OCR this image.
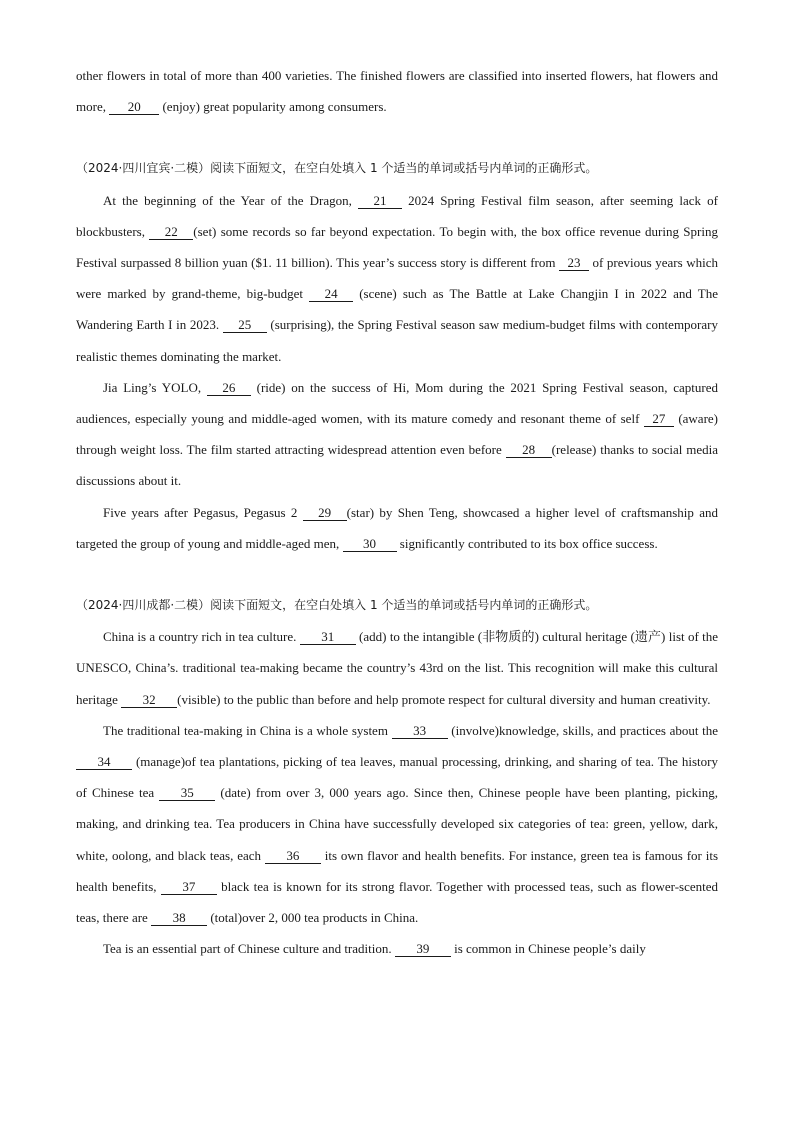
other flowers in total of more than 400 varieties. The finished flowers are classified into inserted flowers, hat flowers and more, 20 (enjoy) great popularity among consumers.

（2024·四川宜宾·二模）阅读下面短文，在空白处填入 1 个适当的单词或括号内单词的正确形式。

At the beginning of the Year of the Dragon, 21 2024 Spring Festival film season, after seeming lack of blockbusters, 22 (set) some records so far beyond expectation. To begin with, the box office revenue during Spring Festival surpassed 8 billion yuan ($1. 11 billion). This year’s success story is different from 23 of previous years which were marked by grand-theme, big-budget 24 (scene) such as The Battle at Lake Changjin I in 2022 and The Wandering Earth I in 2023. 25 (surprising), the Spring Festival season saw medium-budget films with contemporary realistic themes dominating the market.

Jia Ling’s YOLO, 26 (ride) on the success of Hi, Mom during the 2021 Spring Festival season, captured audiences, especially young and middle-aged women, with its mature comedy and resonant theme of self 27 (aware) through weight loss. The film started attracting widespread attention even before 28 (release) thanks to social media discussions about it.

Five years after Pegasus, Pegasus 2 29 (star) by Shen Teng, showcased a higher level of craftsmanship and targeted the group of young and middle-aged men, 30 significantly contributed to its box office success.

（2024·四川成都·二模）阅读下面短文，在空白处填入 1 个适当的单词或括号内单词的正确形式。

China is a country rich in tea culture. 31 (add) to the intangible (非物质的) cultural heritage (遗产) list of the UNESCO, China’s. traditional tea-making became the country’s 43rd on the list. This recognition will make this cultural heritage 32 (visible) to the public than before and help promote respect for cultural diversity and human creativity.

The traditional tea-making in China is a whole system 33 (involve)knowledge, skills, and practices about the 34 (manage)of tea plantations, picking of tea leaves, manual processing, drinking, and sharing of tea. The history of Chinese tea 35 (date) from over 3, 000 years ago. Since then, Chinese people have been planting, picking, making, and drinking tea. Tea producers in China have successfully developed six categories of tea: green, yellow, dark, white, oolong, and black teas, each 36 its own flavor and health benefits. For instance, green tea is famous for its health benefits, 37 black tea is known for its strong flavor. Together with processed teas, such as flower-scented teas, there are 38 (total)over 2, 000 tea products in China.

Tea is an essential part of Chinese culture and tradition. 39 is common in Chinese people’s daily
